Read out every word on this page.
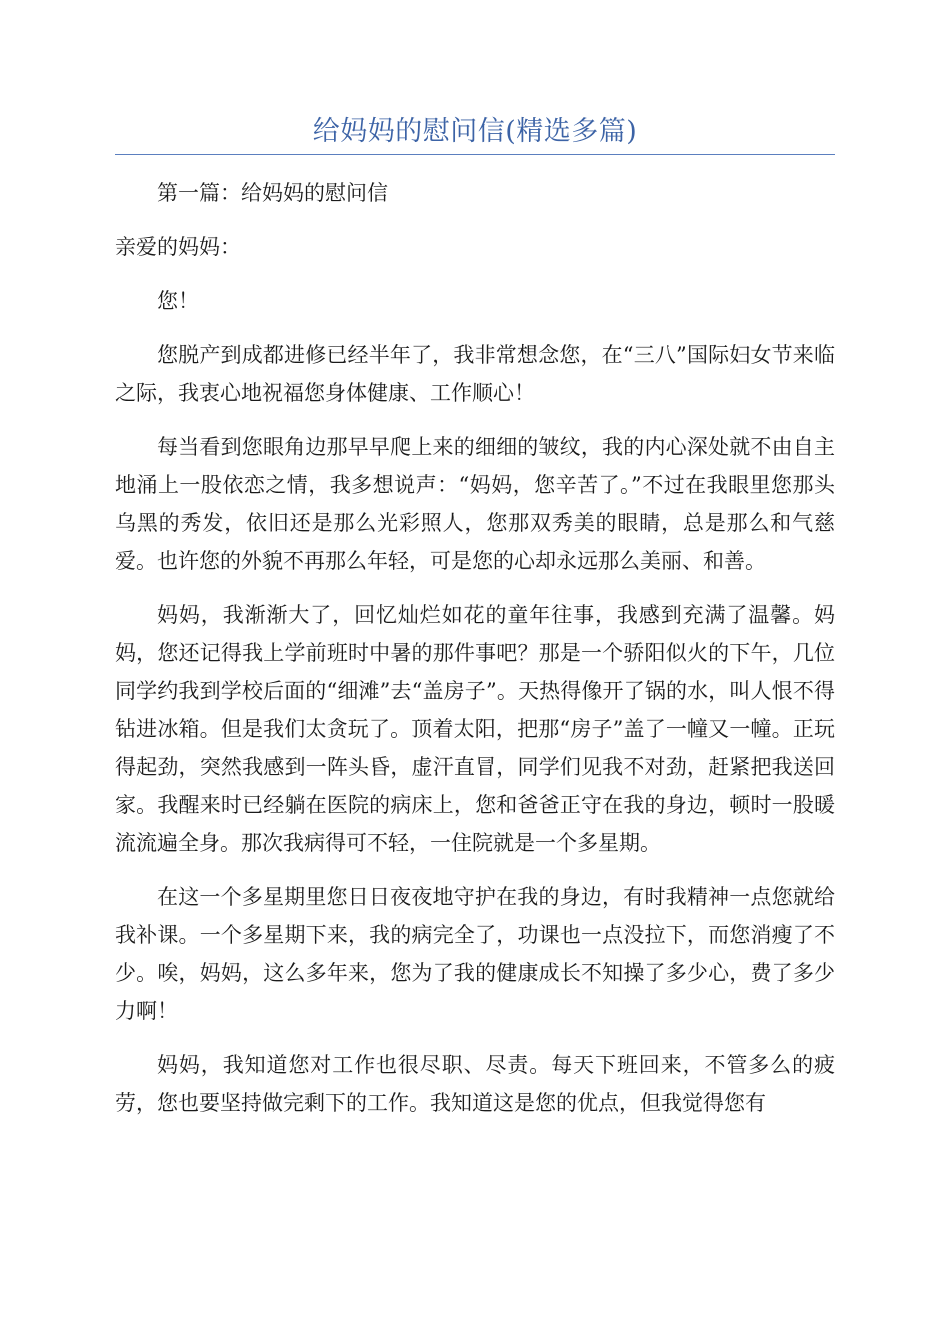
给妈妈的慰问信(精选多篇)

第一篇：给妈妈的慰问信

亲爱的妈妈：

您！

您脱产到成都进修已经半年了，我非常想念您，在“三八”国际妇女节来临之际，我衷心地祝福您身体健康、工作顺心！

每当看到您眼角边那早早爬上来的细细的皱纹，我的内心深处就不由自主地涌上一股依恋之情，我多想说声：“妈妈，您辛苦了。”不过在我眼里您那头乌黑的秀发，依旧还是那么光彩照人，您那双秀美的眼睛，总是那么和气慈爱。也许您的外貌不再那么年轻，可是您的心却永远那么美丽、和善。

妈妈，我渐渐大了，回忆灿烂如花的童年往事，我感到充满了温馨。妈妈，您还记得我上学前班时中暑的那件事吧？那是一个骄阳似火的下午，几位同学约我到学校后面的“细滩”去“盖房子”。天热得像开了锅的水，叫人恨不得钻进冰箱。但是我们太贪玩了。顶着太阳，把那“房子”盖了一幢又一幢。正玩得起劲，突然我感到一阵头昏，虚汗直冒，同学们见我不对劲，赶紧把我送回家。我醒来时已经躺在医院的病床上，您和爸爸正守在我的身边，顿时一股暖流流遍全身。那次我病得可不轻，一住院就是一个多星期。

在这一个多星期里您日日夜夜地守护在我的身边，有时我精神一点您就给我补课。一个多星期下来，我的病完全了，功课也一点没拉下，而您消瘦了不少。唉，妈妈，这么多年来，您为了我的健康成长不知操了多少心，费了多少力啊！

妈妈，我知道您对工作也很尽职、尽责。每天下班回来，不管多么的疲劳，您也要坚持做完剩下的工作。我知道这是您的优点，但我觉得您有
